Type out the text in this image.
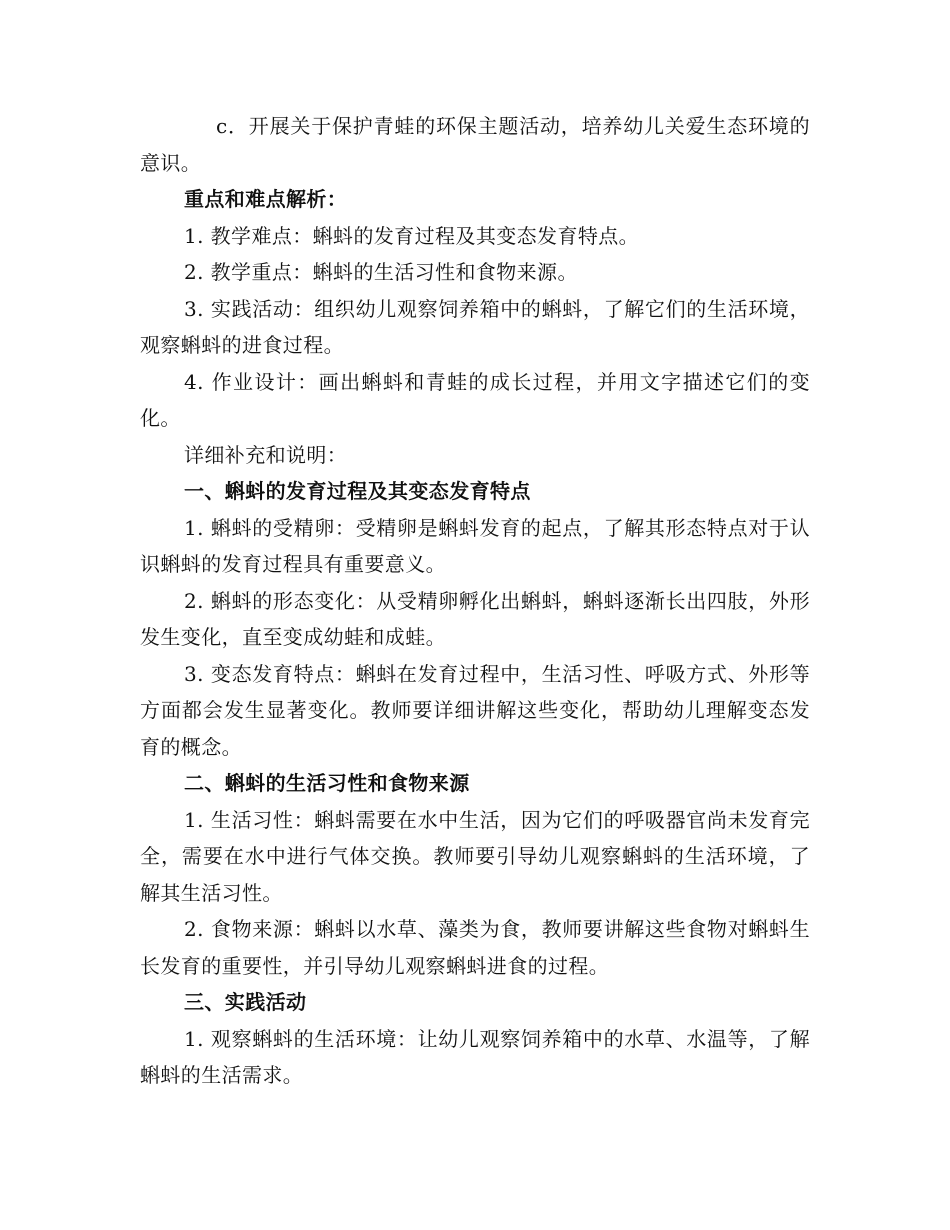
c．开展关于保护青蛙的环保主题活动，培养幼儿关爱生态环境的意识。

重点和难点解析：

1. 教学难点：蝌蚪的发育过程及其变态发育特点。

2. 教学重点：蝌蚪的生活习性和食物来源。

3. 实践活动：组织幼儿观察饲养箱中的蝌蚪，了解它们的生活环境，观察蝌蚪的进食过程。

4. 作业设计：画出蝌蚪和青蛙的成长过程，并用文字描述它们的变化。

详细补充和说明：

一、蝌蚪的发育过程及其变态发育特点

1. 蝌蚪的受精卵：受精卵是蝌蚪发育的起点，了解其形态特点对于认识蝌蚪的发育过程具有重要意义。

2. 蝌蚪的形态变化：从受精卵孵化出蝌蚪，蝌蚪逐渐长出四肢，外形发生变化，直至变成幼蛙和成蛙。

3. 变态发育特点：蝌蚪在发育过程中，生活习性、呼吸方式、外形等方面都会发生显著变化。教师要详细讲解这些变化，帮助幼儿理解变态发育的概念。

二、蝌蚪的生活习性和食物来源

1. 生活习性：蝌蚪需要在水中生活，因为它们的呼吸器官尚未发育完全，需要在水中进行气体交换。教师要引导幼儿观察蝌蚪的生活环境，了解其生活习性。

2. 食物来源：蝌蚪以水草、藻类为食，教师要讲解这些食物对蝌蚪生长发育的重要性，并引导幼儿观察蝌蚪进食的过程。

三、实践活动

1. 观察蝌蚪的生活环境：让幼儿观察饲养箱中的水草、水温等，了解蝌蚪的生活需求。
